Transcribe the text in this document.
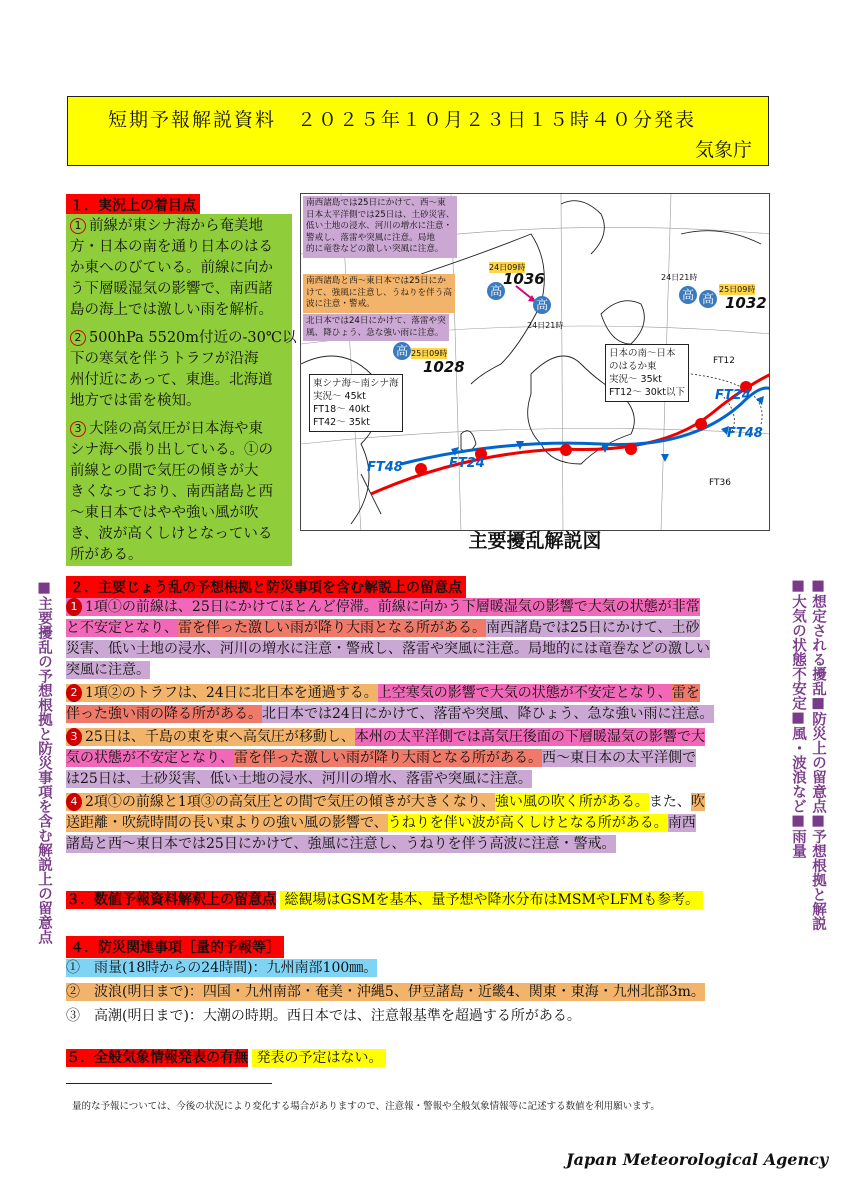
短期予報解説資料　２０２５年１０月２３日１５時４０分発表
気象庁
１．実況上の着目点
1 前線が東シナ海から奄美地
方・日本の南を通り日本のはる
か東へのびている。前線に向か
う下層暖湿気の影響で、南西諸
島の海上では激しい雨を解析。
2 500hPa 5520m付近の-30℃以
下の寒気を伴うトラフが沿海
州付近にあって、東進。北海道
地方では雷を検知。
3 大陸の高気圧が日本海や東
シナ海へ張り出している。①の
前線との間で気圧の傾きが大
きくなっており、南西諸島と西
～東日本ではやや強い風が吹
き、波が高くしけとなっている
所がある。
南西諸島では25日にかけて、西～東
日本太平洋側では25日は、土砂災害、
低い土地の浸水、河川の増水に注意・
警戒し、落雷や突風に注意。局地
的に竜巻などの激しい突風に注意。
南西諸島と西～東日本では25日にか
けて、強風に注意し、うねりを伴う高
波に注意・警戒。
北日本では24日にかけて、落雷や突
風、降ひょう、急な強い雨に注意。
24日09時
1036
高
高
24日21時
高 25日09時
1028
24日21時
高 高
25日09時
1032
東シナ海～南シナ海
実況～ 45kt
FT18～ 40kt
FT42～ 35kt
日本の南～日本
のはるか東
実況～ 35kt
FT12～ 30kt以下
FT48	FT24
FT24
FT48
FT12
FT36
主要擾乱解説図
■主要擾乱の予想根拠と防災事項を含む解説上の留意点	■想定される擾乱■防災上の留意点■予想根拠と解説
■大気の状態不安定■風・波浪など■雨量
２．主要じょう乱の予想根拠と防災事項を含む解説上の留意点
1 1項①の前線は、25日にかけてほとんど停滞。前線に向かう下層暖湿気の影響で大気の状態が非常
と不安定となり、雷を伴った激しい雨が降り大雨となる所がある。南西諸島では25日にかけて、土砂
災害、低い土地の浸水、河川の増水に注意・警戒し、落雷や突風に注意。局地的には竜巻などの激しい
突風に注意。
2 1項②のトラフは、24日に北日本を通過する。上空寒気の影響で大気の状態が不安定となり、雷を
伴った強い雨の降る所がある。北日本では24日にかけて、落雷や突風、降ひょう、急な強い雨に注意。
3 25日は、千島の東を東へ高気圧が移動し、本州の太平洋側では高気圧後面の下層暖湿気の影響で大
気の状態が不安定となり、雷を伴った激しい雨が降り大雨となる所がある。西～東日本の太平洋側で
は25日は、土砂災害、低い土地の浸水、河川の増水、落雷や突風に注意。
4 2項①の前線と1項③の高気圧との間で気圧の傾きが大きくなり、強い風の吹く所がある。また、吹
送距離・吹続時間の長い東よりの強い風の影響で、うねりを伴い波が高くしけとなる所がある。南西
諸島と西～東日本では25日にかけて、強風に注意し、うねりを伴う高波に注意・警戒。
３．数値予報資料解釈上の留意点 総観場はGSMを基本、量予想や降水分布はMSMやLFMも参考。
４．防災関連事項［量的予報等］
①　雨量(18時からの24時間)：九州南部100㎜。
②　波浪(明日まで)：四国・九州南部・奄美・沖縄5、伊豆諸島・近畿4、関東・東海・九州北部3m。
③　高潮(明日まで)：大潮の時期。西日本では、注意報基準を超過する所がある。
５．全般気象情報発表の有無 発表の予定はない。
量的な予報については、今後の状況により変化する場合がありますので、注意報・警報や全般気象情報等に記述する数値を利用願います。
Japan Meteorological Agency
